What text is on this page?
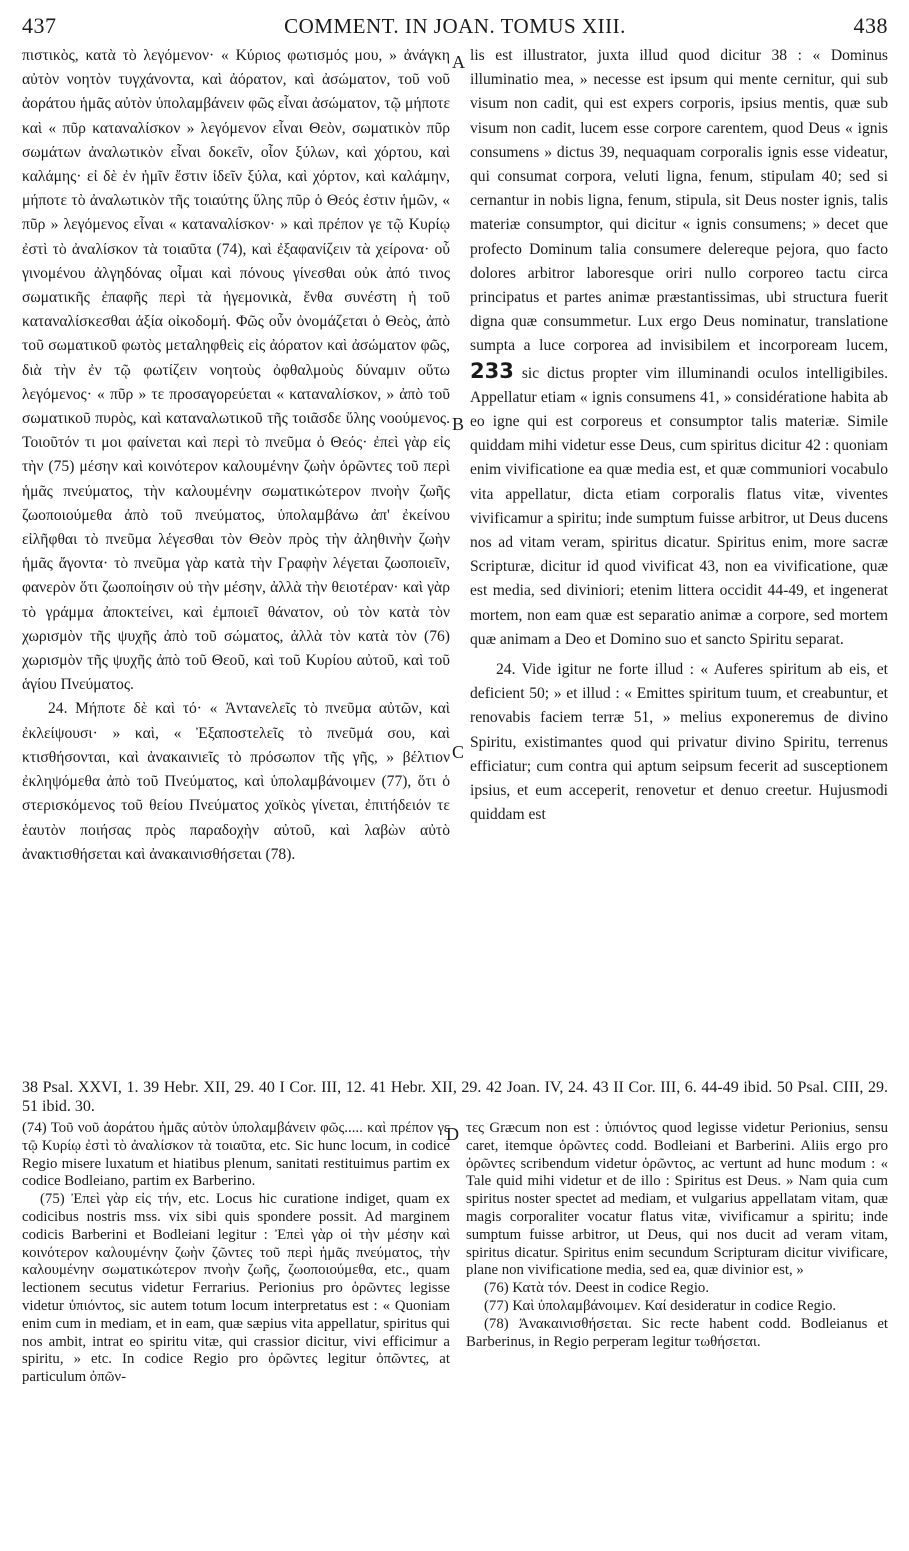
437	COMMENT. IN JOAN. TOMUS XIII.	438

πιστικὸς, κατὰ τὸ λεγόμενον· « Κύριος φωτισμός μου, » ἀνάγκη αὐτὸν νοητὸν τυγχάνοντα, καὶ ἀόρατον, καὶ ἀσώματον, τοῦ νοῦ ἀοράτου ἡμᾶς αὐτὸν ὑπολαμβάνειν φῶς εἶναι ἀσώματον, τῷ μήποτε καὶ « πῦρ καταναλίσκον » λεγόμενον εἶναι Θεὸν, σωματικὸν πῦρ σωμάτων ἀναλωτικὸν εἶναι δοκεῖν, οἷον ξύλων, καὶ χόρτου, καὶ καλάμης· εἰ δὲ ἐν ἡμῖν ἔστιν ἰδεῖν ξύλα, καὶ χόρτον, καὶ καλάμην, μήποτε τὸ ἀναλωτικὸν τῆς τοιαύτης ὕλης πῦρ ὁ Θεός ἐστιν ἡμῶν, « πῦρ » λεγόμενος εἶναι « καταναλίσκον· » καὶ πρέπον γε τῷ Κυρίῳ ἐστὶ τὸ ἀναλίσκον τὰ τοιαῦτα (74), καὶ ἐξαφανίζειν τὰ χείρονα· οὗ γινομένου ἀλγηδόνας οἶμαι καὶ πόνους γίνεσθαι οὐκ ἀπό τινος σωματικῆς ἐπαφῆς περὶ τὰ ἡγεμονικὰ, ἔνθα συνέστη ἡ τοῦ καταναλίσκεσθαι ἀξία οἰκοδομή. Φῶς οὖν ὀνομάζεται ὁ Θεὸς, ἀπὸ τοῦ σωματικοῦ φωτὸς μεταληφθεὶς εἰς ἀόρατον καὶ ἀσώματον φῶς, διὰ τὴν ἐν τῷ φωτίζειν νοητοὺς ὀφθαλμοὺς δύναμιν οὕτω λεγόμενος· « πῦρ » τε προσαγορεύεται « καταναλίσκον, » ἀπὸ τοῦ σωματικοῦ πυρὸς, καὶ καταναλωτικοῦ τῆς τοιᾶσδε ὕλης νοούμενος. Τοιοῦτόν τι μοι φαίνεται καὶ περὶ τὸ πνεῦμα ὁ Θεός· ἐπεὶ γὰρ εἰς τὴν (75) μέσην καὶ κοινότερον καλουμένην ζωὴν ὁρῶντες τοῦ περὶ ἡμᾶς πνεύματος, τὴν καλουμένην σωματικώτερον πνοὴν ζωῆς ζωοποιούμεθα ἀπὸ τοῦ πνεύματος, ὑπολαμβάνω ἀπ' ἐκείνου εἰλῆφθαι τὸ πνεῦμα λέγεσθαι τὸν Θεὸν πρὸς τὴν ἀληθινὴν ζωὴν ἡμᾶς ἄγοντα· τὸ πνεῦμα γὰρ κατὰ τὴν Γραφὴν λέγεται ζωοποιεῖν, φανερὸν ὅτι ζωοποίησιν οὐ τὴν μέσην, ἀλλὰ τὴν θειοτέραν· καὶ γὰρ τὸ γράμμα ἀποκτείνει, καὶ ἐμποιεῖ θάνατον, οὐ τὸν κατὰ τὸν χωρισμὸν τῆς ψυχῆς ἀπὸ τοῦ σώματος, ἀλλὰ τὸν κατὰ τὸν (76) χωρισμὸν τῆς ψυχῆς ἀπὸ τοῦ Θεοῦ, καὶ τοῦ Κυρίου αὐτοῦ, καὶ τοῦ ἁγίου Πνεύματος.

24. Μήποτε δὲ καὶ τό· « Ἀντανελεῖς τὸ πνεῦμα αὐτῶν, καὶ ἐκλείψουσι· » καὶ, « Ἐξαποστελεῖς τὸ πνεῦμά σου, καὶ κτισθήσονται, καὶ ἀνακαινιεῖς τὸ πρόσωπον τῆς γῆς, » βέλτιον ἐκληψόμεθα ἀπὸ τοῦ Πνεύματος, καὶ ὑπολαμβάνοιμεν (77), ὅτι ὁ στερισκόμενος τοῦ θείου Πνεύματος χοϊκὸς γίνεται, ἐπιτήδειόν τε ἑαυτὸν ποιήσας πρὸς παραδοχὴν αὐτοῦ, καὶ λαβὼν αὐτὸ ἀνακτισθήσεται καὶ ἀνακαινισθήσεται (78).

A
B
C
D

lis est illustrator, juxta illud quod dicitur 38 : « Dominus illuminatio mea, » necesse est ipsum qui mente cernitur, qui sub visum non cadit, qui est expers corporis, ipsius mentis, quæ sub visum non cadit, lucem esse corpore carentem, quod Deus « ignis consumens » dictus 39, nequaquam corporalis ignis esse videatur, qui consumat corpora, veluti ligna, fenum, stipulam 40; sed si cernantur in nobis ligna, fenum, stipula, sit Deus noster ignis, talis materiæ consumptor, qui dicitur « ignis consumens; » decet que profecto Dominum talia consumere delereque pejora, quo facto dolores arbitror laboresque oriri nullo corporeo tactu circa principatus et partes animæ præstantissimas, ubi structura fuerit digna quæ consummetur. Lux ergo Deus nominatur, translatione sumpta a luce corporea ad invisibilem et incorpoream lucem, 233 sic dictus propter vim illuminandi oculos intelligibiles. Appellatur etiam « ignis consumens 41, » considératione habita ab eo igne qui est corporeus et consumptor talis materiæ. Simile quiddam mihi videtur esse Deus, cum spiritus dicitur 42 : quoniam enim vivificatione ea quæ media est, et quæ communiori vocabulo vita appellatur, dicta etiam corporalis flatus vitæ, viventes vivificamur a spiritu; inde sumptum fuisse arbitror, ut Deus ducens nos ad vitam veram, spiritus dicatur. Spiritus enim, more sacræ Scripturæ, dicitur id quod vivificat 43, non ea vivificatione, quæ est media, sed diviniori; etenim littera occidit 44-49, et ingenerat mortem, non eam quæ est separatio animæ a corpore, sed mortem quæ animam a Deo et Domino suo et sancto Spiritu separat.

24. Vide igitur ne forte illud : « Auferes spiritum ab eis, et deficient 50; » et illud : « Emittes spiritum tuum, et creabuntur, et renovabis faciem terræ 51, » melius exponeremus de divino Spiritu, existimantes quod qui privatur divino Spiritu, terrenus efficiatur; cum contra qui aptum seipsum fecerit ad susceptionem ipsius, et eum acceperit, renovetur et denuo creetur. Hujusmodi quiddam est

38 Psal. XXVI, 1. 39 Hebr. XII, 29. 40 I Cor. III, 12. 41 Hebr. XII, 29. 42 Joan. IV, 24. 43 II Cor. III, 6. 44-49 ibid. 50 Psal. CIII, 29. 51 ibid. 30.

(74) Τοῦ νοῦ ἀοράτου ἡμᾶς αὐτὸν ὑπολαμβάνειν φῶς..... καὶ πρέπον γε τῷ Κυρίῳ ἐστὶ τὸ ἀναλίσκον τὰ τοιαῦτα, etc. Sic hunc locum, in codice Regio misere luxatum et hiatibus plenum, sanitati restituimus partim ex codice Bodleiano, partim ex Barberino.

(75) Ἐπεὶ γὰρ εἰς τήν, etc. Locus hic curatione indiget, quam ex codicibus nostris mss. vix sibi quis spondere possit. Ad marginem codicis Barberini et Bodleiani legitur : Ἐπεὶ γὰρ οἱ τὴν μέσην καὶ κοινότερον καλουμένην ζωὴν ζῶντες τοῦ περὶ ἡμᾶς πνεύματος, τὴν καλουμένην σωματικώτερον πνοὴν ζωῆς, ζωοποιούμεθα, etc., quam lectionem secutus videtur Ferrarius. Perionius pro ὁρῶντες legisse videtur ὑπιόντος, sic autem totum locum interpretatus est : « Quoniam enim cum in mediam, et in eam, quæ sæpius vita appellatur, spiritus qui nos ambit, intrat eo spiritu vitæ, qui crassior dicitur, vivi efficimur a spiritu, » etc. In codice Regio pro ὁρῶντες legitur ὀπῶντες, at particulum ὀπῶν-

τες Græcum non est : ὑπιόντος quod legisse videtur Perionius, sensu caret, itemque ὁρῶντες codd. Bodleiani et Barberini. Aliis ergo pro ὁρῶντες scribendum videtur ὁρῶντος, ac vertunt ad hunc modum : « Tale quid mihi videtur et de illo : Spiritus est Deus. » Nam quia cum spiritus noster spectet ad mediam, et vulgarius appellatam vitam, quæ magis corporaliter vocatur flatus vitæ, vivificamur a spiritu; inde sumptum fuisse arbitror, ut Deus, qui nos ducit ad veram vitam, spiritus dicatur. Spiritus enim secundum Scripturam dicitur vivificare, plane non vivificatione media, sed ea, quæ divinior est, »

(76) Κατὰ τόν. Deest in codice Regio.

(77) Καὶ ὑπολαμβάνοιμεν. Καί desideratur in codice Regio.

(78) Ἀνακαινισθήσεται. Sic recte habent codd. Bodleianus et Barberinus, in Regio perperam legitur τωθήσεται.
